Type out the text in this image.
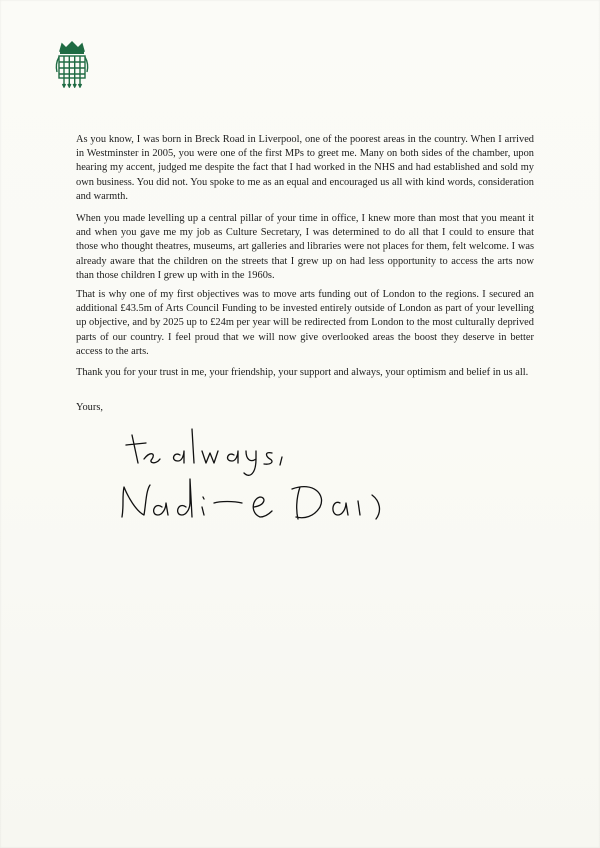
As you know, I was born in Breck Road in Liverpool, one of the poorest areas in the country. When I arrived in Westminster in 2005, you were one of the first MPs to greet me. Many on both sides of the chamber, upon hearing my accent, judged me despite the fact that I had worked in the NHS and had established and sold my own business. You did not. You spoke to me as an equal and encouraged us all with kind words, consideration and warmth.

When you made levelling up a central pillar of your time in office, I knew more than most that you meant it and when you gave me my job as Culture Secretary, I was determined to do all that I could to ensure that those who thought theatres, museums, art galleries and libraries were not places for them, felt welcome. I was already aware that the children on the streets that I grew up on had less opportunity to access the arts now than those children I grew up with in the 1960s.

That is why one of my first objectives was to move arts funding out of London to the regions. I secured an additional £43.5m of Arts Council Funding to be invested entirely outside of London as part of your levelling up objective, and by 2025 up to £24m per year will be redirected from London to the most culturally deprived parts of our country. I feel proud that we will now give overlooked areas the boost they deserve in better access to the arts.

Thank you for your trust in me, your friendship, your support and always, your optimism and belief in us all.

Yours,
